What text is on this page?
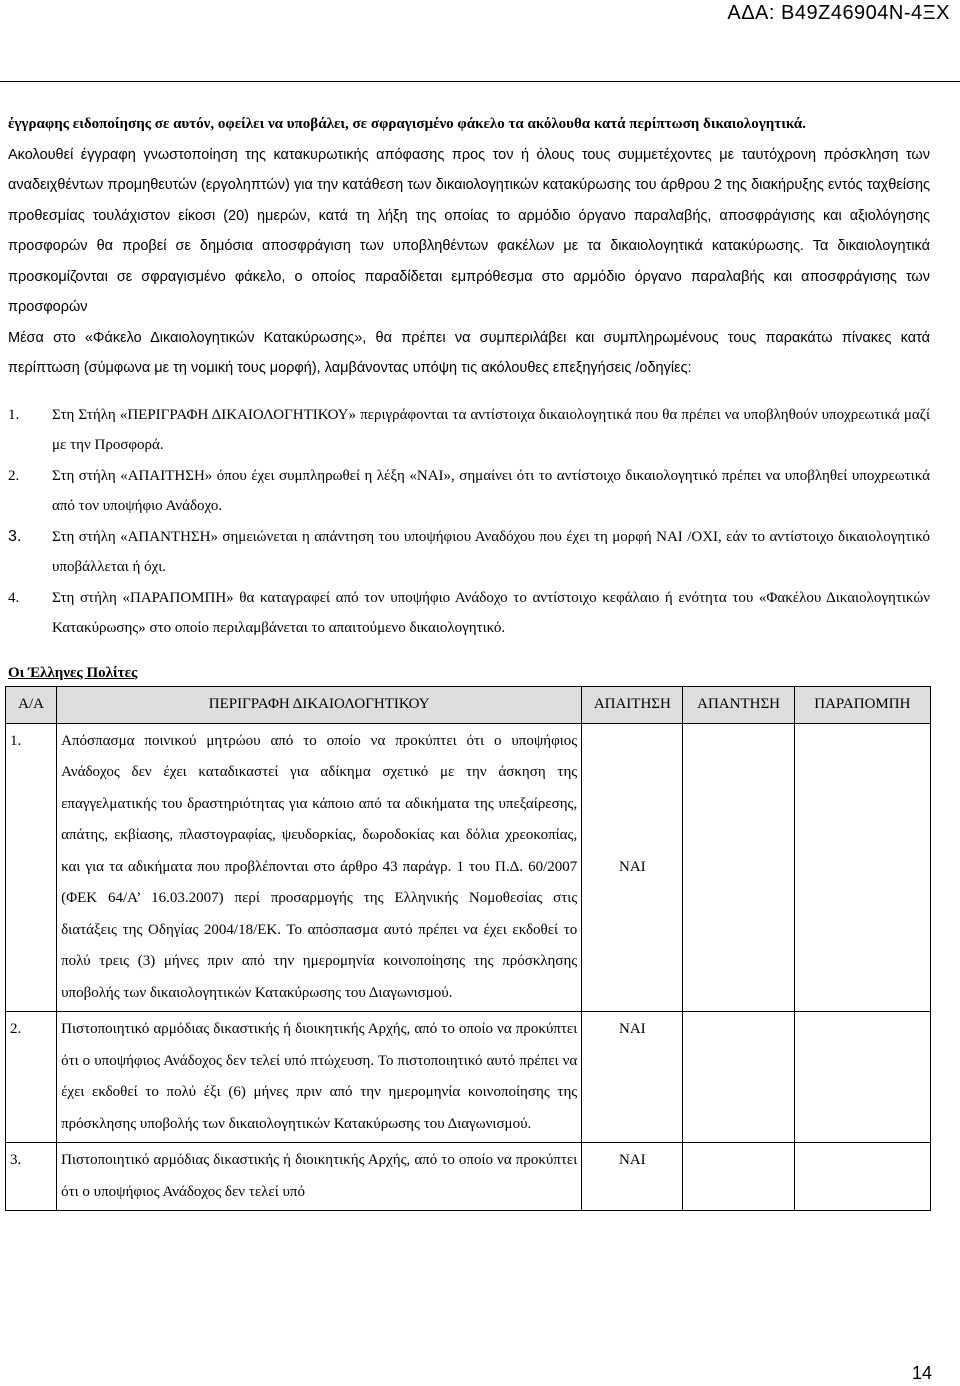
ΑΔΑ: Β49Ζ46904Ν-4ΞΧ

έγγραφης ειδοποίησης σε αυτόν, οφείλει να υποβάλει, σε σφραγισμένο φάκελο τα ακόλουθα κατά περίπτωση δικαιολογητικά.

Ακολουθεί έγγραφη γνωστοποίηση της κατακυρωτικής απόφασης προς τον ή όλους τους συμμετέχοντες με ταυτόχρονη πρόσκληση των αναδειχθέντων προμηθευτών (εργοληπτών) για την κατάθεση των δικαιολογητικών κατακύρωσης του άρθρου 2 της διακήρυξης εντός ταχθείσης προθεσμίας τουλάχιστον είκοσι (20) ημερών, κατά τη λήξη της οποίας το αρμόδιο όργανο παραλαβής, αποσφράγισης και αξιολόγησης προσφορών θα προβεί σε δημόσια αποσφράγιση των υποβληθέντων φακέλων με τα δικαιολογητικά κατακύρωσης. Τα δικαιολογητικά προσκομίζονται σε σφραγισμένο φάκελο, ο οποίος παραδίδεται εμπρόθεσμα στο αρμόδιο όργανο παραλαβής και αποσφράγισης των προσφορών

Μέσα στο «Φάκελο Δικαιολογητικών Κατακύρωσης», θα πρέπει να συμπεριλάβει και συμπληρωμένους τους παρακάτω πίνακες κατά περίπτωση (σύμφωνα με τη νομική τους μορφή), λαμβάνοντας υπόψη τις ακόλουθες επεξηγήσεις /οδηγίες:

1.	Στη Στήλη «ΠΕΡΙΓΡΑΦΗ ΔΙΚΑΙΟΛΟΓΗΤΙΚΟΥ» περιγράφονται τα αντίστοιχα δικαιολογητικά που θα πρέπει να υποβληθούν υποχρεωτικά μαζί με την Προσφορά.
2.	Στη στήλη «ΑΠΑΙΤΗΣΗ» όπου έχει συμπληρωθεί η λέξη «ΝΑΙ», σημαίνει ότι το αντίστοιχο δικαιολογητικό πρέπει να υποβληθεί υποχρεωτικά από τον υποψήφιο Ανάδοχο.
3.	Στη στήλη «ΑΠΑΝΤΗΣΗ» σημειώνεται η απάντηση του υποψήφιου Αναδόχου που έχει τη μορφή ΝΑΙ /ΟΧΙ, εάν το αντίστοιχο δικαιολογητικό υποβάλλεται ή όχι.
4.	Στη στήλη «ΠΑΡΑΠΟΜΠΗ» θα καταγραφεί από τον υποψήφιο Ανάδοχο το αντίστοιχο κεφάλαιο ή ενότητα του «Φακέλου Δικαιολογητικών Κατακύρωσης» στο οποίο περιλαμβάνεται το απαιτούμενο δικαιολογητικό.
Οι Έλληνες Πολίτες
Α/Α	ΠΕΡΙΓΡΑΦΗ ΔΙΚΑΙΟΛΟΓΗΤΙΚΟΥ	ΑΠΑΙΤΗΣΗ	ΑΠΑΝΤΗΣΗ	ΠΑΡΑΠΟΜΠΗ
1.	Απόσπασμα ποινικού μητρώου από το οποίο να προκύπτει ότι ο υποψήφιος Ανάδοχος δεν έχει καταδικαστεί για αδίκημα σχετικό με την άσκηση της επαγγελματικής του δραστηριότητας για κάποιο από τα αδικήματα της υπεξαίρεσης, απάτης, εκβίασης, πλαστογραφίας, ψευδορκίας, δωροδοκίας και δόλια χρεοκοπίας, και για τα αδικήματα που προβλέπονται στο άρθρο 43 παράγρ. 1 του Π.Δ. 60/2007 (ΦΕΚ 64/Α’ 16.03.2007) περί προσαρμογής της Ελληνικής Νομοθεσίας στις διατάξεις της Οδηγίας 2004/18/ΕΚ. Το απόσπασμα αυτό πρέπει να έχει εκδοθεί το πολύ τρεις (3) μήνες πριν από την ημερομηνία κοινοποίησης της πρόσκλησης υποβολής των δικαιολογητικών Κατακύρωσης του Διαγωνισμού.	ΝΑΙ		
2.	Πιστοποιητικό αρμόδιας δικαστικής ή διοικητικής Αρχής, από το οποίο να προκύπτει ότι ο υποψήφιος Ανάδοχος δεν τελεί υπό πτώχευση. Το πιστοποιητικό αυτό πρέπει να έχει εκδοθεί το πολύ έξι (6) μήνες πριν από την ημερομηνία κοινοποίησης της πρόσκλησης υποβολής των δικαιολογητικών Κατακύρωσης του Διαγωνισμού.	ΝΑΙ		
3.	Πιστοποιητικό αρμόδιας δικαστικής ή διοικητικής Αρχής, από το οποίο να προκύπτει ότι ο υποψήφιος Ανάδοχος δεν τελεί υπό	ΝΑΙ		
14
